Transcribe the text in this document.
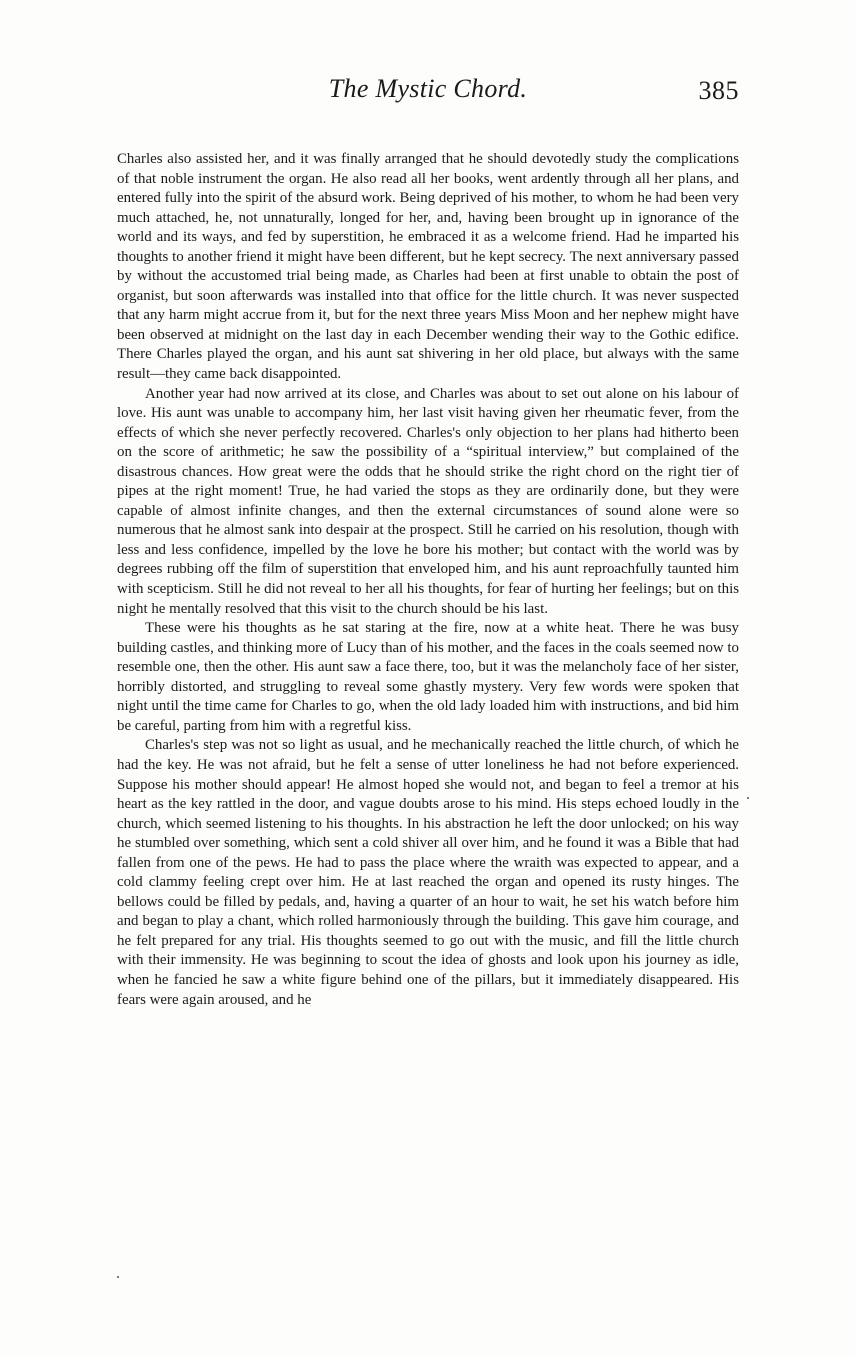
The Mystic Chord.	385

Charles also assisted her, and it was finally arranged that he should devotedly study the complications of that noble instrument the organ. He also read all her books, went ardently through all her plans, and entered fully into the spirit of the absurd work. Being deprived of his mother, to whom he had been very much attached, he, not unnaturally, longed for her, and, having been brought up in ignorance of the world and its ways, and fed by superstition, he embraced it as a welcome friend. Had he imparted his thoughts to another friend it might have been different, but he kept secrecy. The next anniversary passed by without the accustomed trial being made, as Charles had been at first unable to obtain the post of organist, but soon afterwards was installed into that office for the little church. It was never suspected that any harm might accrue from it, but for the next three years Miss Moon and her nephew might have been observed at midnight on the last day in each December wending their way to the Gothic edifice. There Charles played the organ, and his aunt sat shivering in her old place, but always with the same result—they came back disappointed.

Another year had now arrived at its close, and Charles was about to set out alone on his labour of love. His aunt was unable to accompany him, her last visit having given her rheumatic fever, from the effects of which she never perfectly recovered. Charles's only objection to her plans had hitherto been on the score of arithmetic; he saw the possibility of a “spiritual interview,” but complained of the disastrous chances. How great were the odds that he should strike the right chord on the right tier of pipes at the right moment! True, he had varied the stops as they are ordinarily done, but they were capable of almost infinite changes, and then the external circumstances of sound alone were so numerous that he almost sank into despair at the prospect. Still he carried on his resolution, though with less and less confidence, impelled by the love he bore his mother; but contact with the world was by degrees rubbing off the film of superstition that enveloped him, and his aunt reproachfully taunted him with scepticism. Still he did not reveal to her all his thoughts, for fear of hurting her feelings; but on this night he mentally resolved that this visit to the church should be his last.

These were his thoughts as he sat staring at the fire, now at a white heat. There he was busy building castles, and thinking more of Lucy than of his mother, and the faces in the coals seemed now to resemble one, then the other. His aunt saw a face there, too, but it was the melancholy face of her sister, horribly distorted, and struggling to reveal some ghastly mystery. Very few words were spoken that night until the time came for Charles to go, when the old lady loaded him with instructions, and bid him be careful, parting from him with a regretful kiss.

Charles's step was not so light as usual, and he mechanically reached the little church, of which he had the key. He was not afraid, but he felt a sense of utter loneliness he had not before experienced. Suppose his mother should appear! He almost hoped she would not, and began to feel a tremor at his heart as the key rattled in the door, and vague doubts arose to his mind. His steps echoed loudly in the church, which seemed listening to his thoughts. In his abstraction he left the door unlocked; on his way he stumbled over something, which sent a cold shiver all over him, and he found it was a Bible that had fallen from one of the pews. He had to pass the place where the wraith was expected to appear, and a cold clammy feeling crept over him. He at last reached the organ and opened its rusty hinges. The bellows could be filled by pedals, and, having a quarter of an hour to wait, he set his watch before him and began to play a chant, which rolled harmoniously through the building. This gave him courage, and he felt prepared for any trial. His thoughts seemed to go out with the music, and fill the little church with their immensity. He was beginning to scout the idea of ghosts and look upon his journey as idle, when he fancied he saw a white figure behind one of the pillars, but it immediately disappeared. His fears were again aroused, and he
